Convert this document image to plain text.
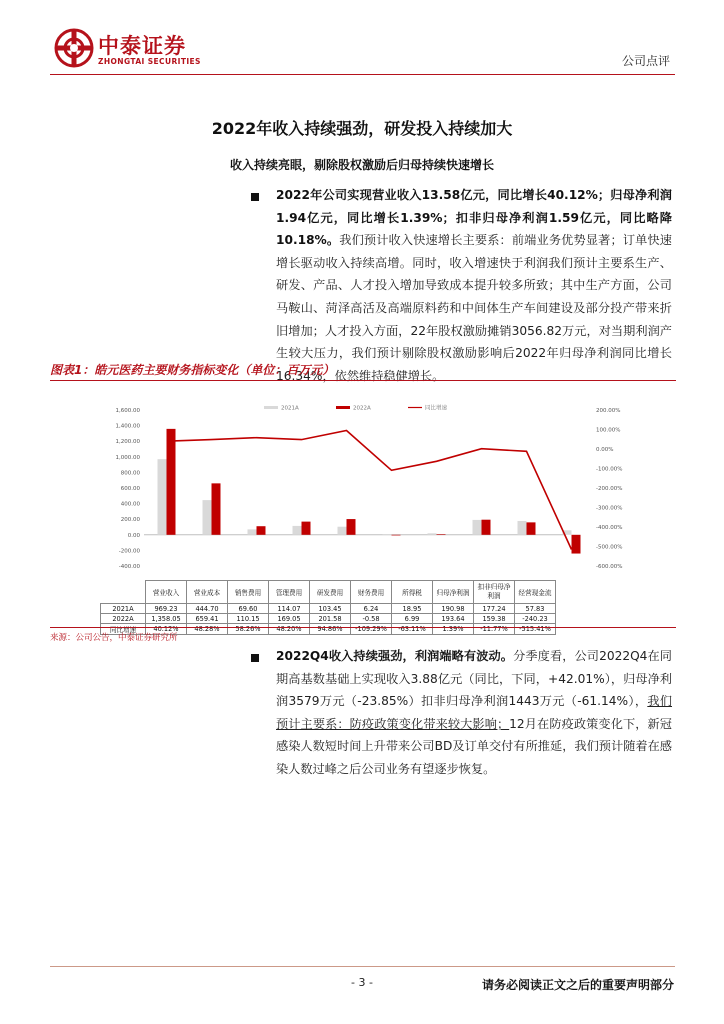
中泰证券
ZHONGTAI SECURITIES	公司点评
2022年收入持续强劲，研发投入持续加大
收入持续亮眼，剔除股权激励后归母持续快速增长
2022年公司实现营业收入13.58亿元，同比增长40.12%；归母净利润1.94亿元，同比增长1.39%；扣非归母净利润1.59亿元，同比略降10.18%。我们预计收入快速增长主要系：前端业务优势显著；订单快速增长驱动收入持续高增。同时，收入增速快于利润我们预计主要系生产、研发、产品、人才投入增加导致成本提升较多所致；其中生产方面，公司马鞍山、菏泽高活及高端原料药和中间体生产车间建设及部分投产带来折旧增加；人才投入方面，22年股权激励摊销3056.82万元，对当期利润产生较大压力，我们预计剔除股权激励影响后2022年归母净利润同比增长16.34%，依然维持稳健增长。
图表1：皓元医药主要财务指标变化（单位：百万元）
1,600.00
1,400.00
1,200.00
1,000.00
800.00
600.00
400.00
200.00
0.00
-200.00
-400.00
200.00%
100.00%
0.00%
-100.00%
-200.00%
-300.00%
-400.00%
-500.00%
-600.00%
2021A	2022A	同比增速
	营业收入	营业成本	销售费用	管理费用	研发费用	财务费用	所得税	归母净利润	扣非归母净利润	经营现金流
2021A	969.23	444.70	69.60	114.07	103.45	6.24	18.95	190.98	177.24	57.83
2022A	1,358.05	659.41	110.15	169.05	201.58	-0.58	6.99	193.64	159.38	-240.23
同比增速	40.12%	48.28%	58.26%	48.20%	94.86%	-109.29%	-63.11%	1.39%	-11.77%	-515.41%
来源：公司公告，中泰证券研究所
2022Q4收入持续强劲，利润端略有波动。分季度看，公司2022Q4在同期高基数基础上实现收入3.88亿元（同比，下同，+42.01%），归母净利润3579万元（-23.85%）扣非归母净利润1443万元（-61.14%），我们预计主要系：防疫政策变化带来较大影响；12月在防疫政策变化下，新冠感染人数短时间上升带来公司BD及订单交付有所推延，我们预计随着在感染人数过峰之后公司业务有望逐步恢复。
- 3 -	请务必阅读正文之后的重要声明部分
